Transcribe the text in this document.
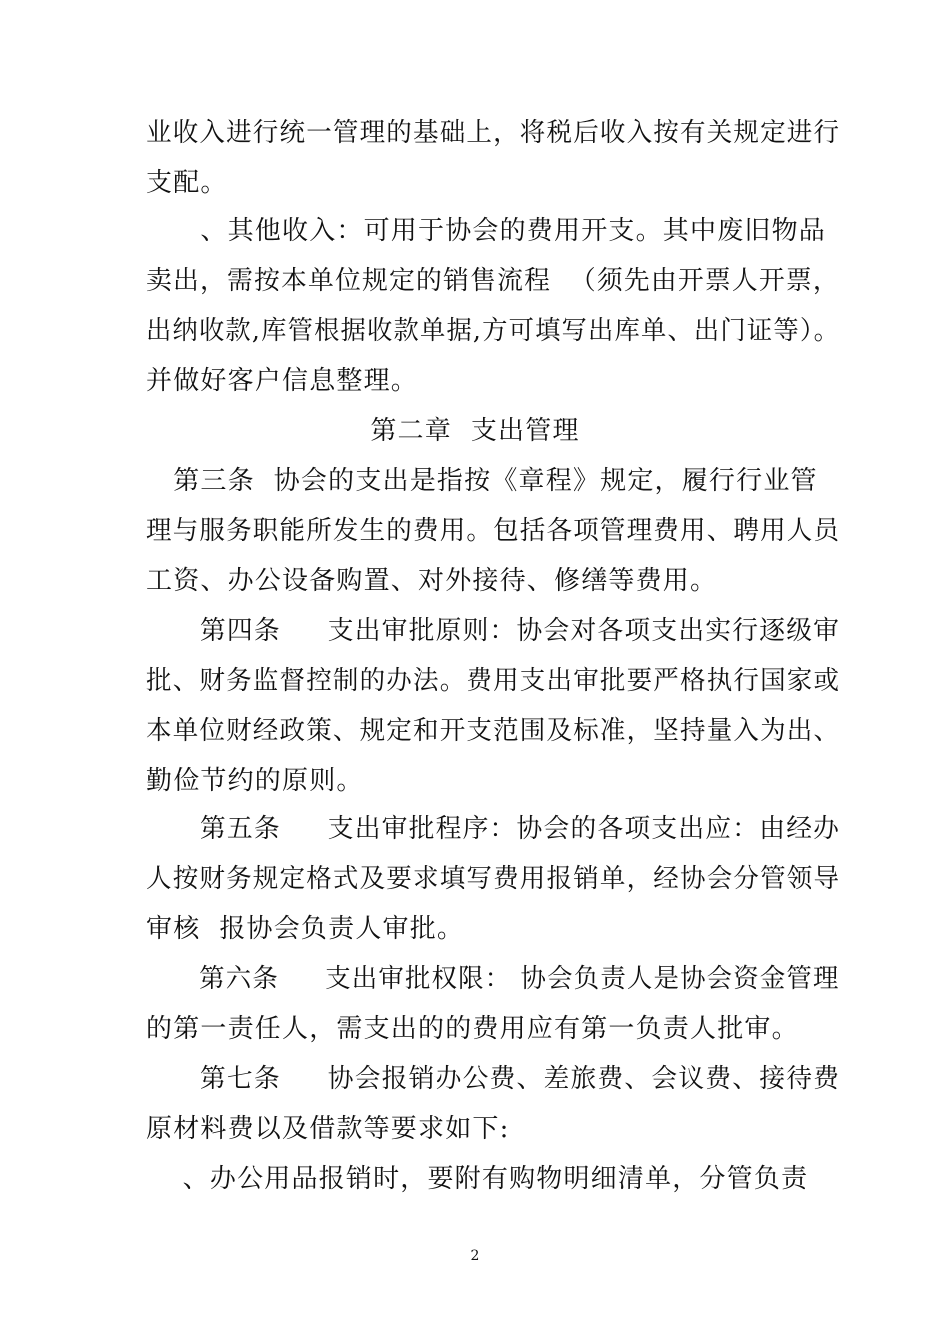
业收入进行统一管理的基础上，将税后收入按有关规定进行
支配。
　　、其他收入：可用于协会的费用开支。其中废旧物品
卖出，需按本单位规定的销售流程  （须先由开票人开票，
出纳收款,库管根据收款单据,方可填写出库单、出门证等）。
并做好客户信息整理。
第二章  支出管理
　第三条  协会的支出是指按《章程》规定，履行行业管
理与服务职能所发生的费用。包括各项管理费用、聘用人员
工资、办公设备购置、对外接待、修缮等费用。
　　第四条     支出审批原则：协会对各项支出实行逐级审
批、财务监督控制的办法。费用支出审批要严格执行国家或
本单位财经政策、规定和开支范围及标准，坚持量入为出、
勤俭节约的原则。
　　第五条     支出审批程序：协会的各项支出应：由经办
人按财务规定格式及要求填写费用报销单，经协会分管领导
审核  报协会负责人审批。
　　第六条     支出审批权限： 协会负责人是协会资金管理
的第一责任人，需支出的的费用应有第一负责人批审。
　　第七条     协会报销办公费、差旅费、会议费、接待费
原材料费以及借款等要求如下:
　 、办公用品报销时，要附有购物明细清单，分管负责
2
